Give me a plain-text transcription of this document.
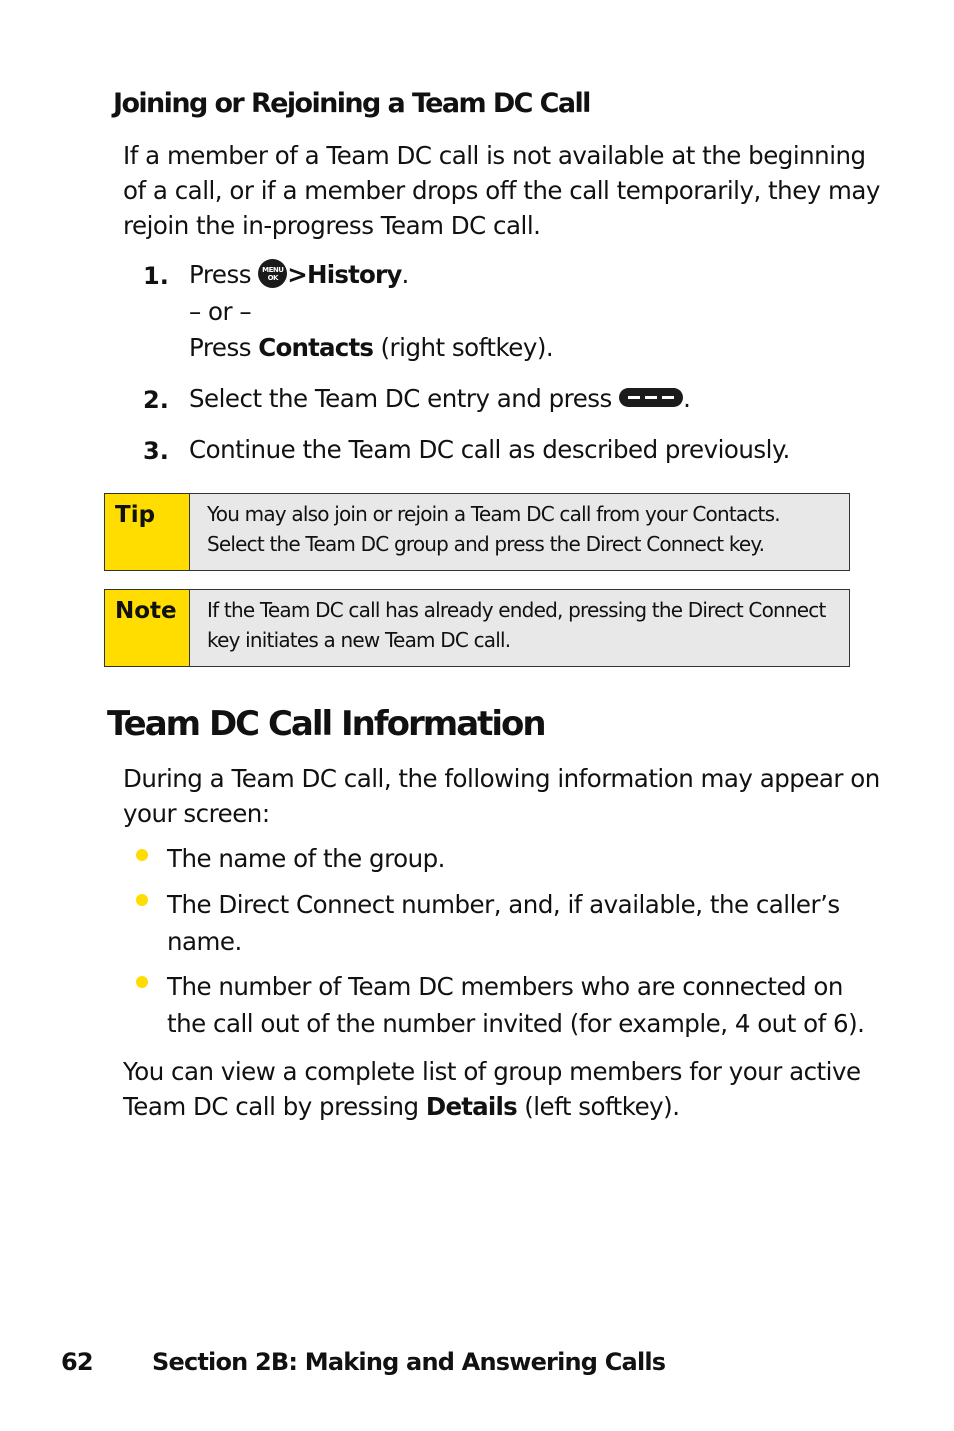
Joining or Rejoining a Team DC Call
If a member of a Team DC call is not available at the beginning of a call, or if a member drops off the call temporarily, they may rejoin the in-progress Team DC call.
1. Press	MENU
OK >History.
– or –
Press Contacts (right softkey).
2. Select the Team DC entry and press	.
3. Continue the Team DC call as described previously.
Tip	You may also join or rejoin a Team DC call from your Contacts. Select the Team DC group and press the Direct Connect key.
Note	If the Team DC call has already ended, pressing the Direct Connect key initiates a new Team DC call.
Team DC Call Information
During a Team DC call, the following information may appear on your screen:
The name of the group.
The Direct Connect number, and, if available, the caller’s name.
The number of Team DC members who are connected on the call out of the number invited (for example, 4 out of 6).
You can view a complete list of group members for your active Team DC call by pressing Details (left softkey).
62 Section 2B: Making and Answering Calls
